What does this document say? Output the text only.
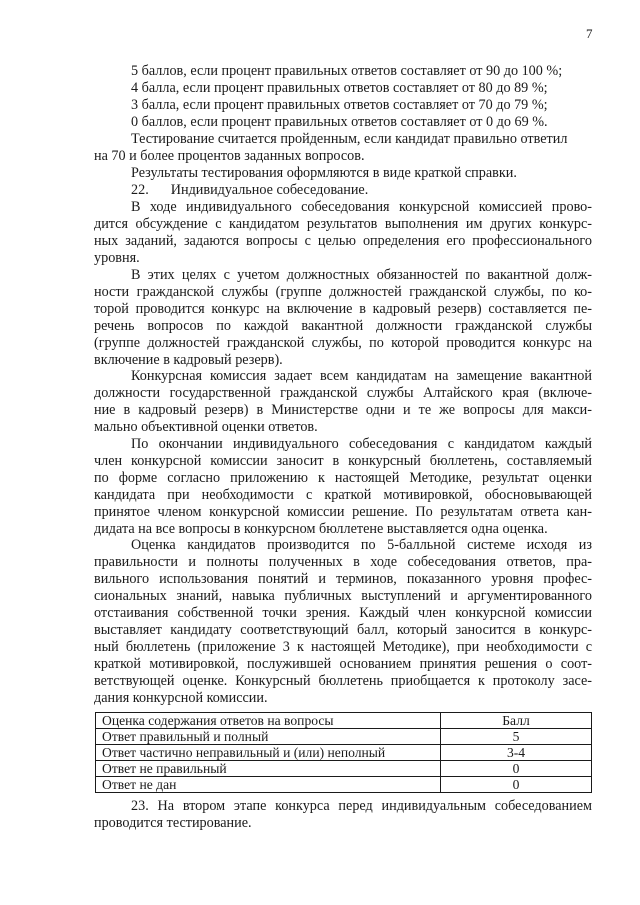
7
5 баллов, если процент правильных ответов составляет от 90 до 100 %;
4 балла, если процент правильных ответов составляет от 80 до 89 %;
3 балла, если процент правильных ответов составляет от 70 до 79 %;
0 баллов, если процент правильных ответов составляет от 0 до 69 %.
Тестирование считается пройденным, если кандидат правильно ответил
на 70 и более процентов заданных вопросов.
Результаты тестирования оформляются в виде краткой справки.
22. Индивидуальное собеседование.
В ходе индивидуального собеседования конкурсной комиссией прово-
дится обсуждение с кандидатом результатов выполнения им других конкурс-
ных заданий, задаются вопросы с целью определения его профессионального
уровня.
В этих целях с учетом должностных обязанностей по вакантной долж-
ности гражданской службы (группе должностей гражданской службы, по ко-
торой проводится конкурс на включение в кадровый резерв) составляется пе-
речень вопросов по каждой вакантной должности гражданской службы
(группе должностей гражданской службы, по которой проводится конкурс на
включение в кадровый резерв).
Конкурсная комиссия задает всем кандидатам на замещение вакантной
должности государственной гражданской службы Алтайского края (включе-
ние в кадровый резерв) в Министерстве одни и те же вопросы для макси-
мально объективной оценки ответов.
По окончании индивидуального собеседования с кандидатом каждый
член конкурсной комиссии заносит в конкурсный бюллетень, составляемый
по форме согласно приложению к настоящей Методике, результат оценки
кандидата при необходимости с краткой мотивировкой, обосновывающей
принятое членом конкурсной комиссии решение. По результатам ответа кан-
дидата на все вопросы в конкурсном бюллетене выставляется одна оценка.
Оценка кандидатов производится по 5-балльной системе исходя из
правильности и полноты полученных в ходе собеседования ответов, пра-
вильного использования понятий и терминов, показанного уровня профес-
сиональных знаний, навыка публичных выступлений и аргументированного
отстаивания собственной точки зрения. Каждый член конкурсной комиссии
выставляет кандидату соответствующий балл, который заносится в конкурс-
ный бюллетень (приложение 3 к настоящей Методике), при необходимости с
краткой мотивировкой, послужившей основанием принятия решения о соот-
ветствующей оценке. Конкурсный бюллетень приобщается к протоколу засе-
дания конкурсной комиссии.
Оценка содержания ответов на вопросы	Балл
Ответ правильный и полный	5
Ответ частично неправильный и (или) неполный	3-4
Ответ не правильный	0
Ответ не дан	0
23. На втором этапе конкурса перед индивидуальным собеседованием
проводится тестирование.
